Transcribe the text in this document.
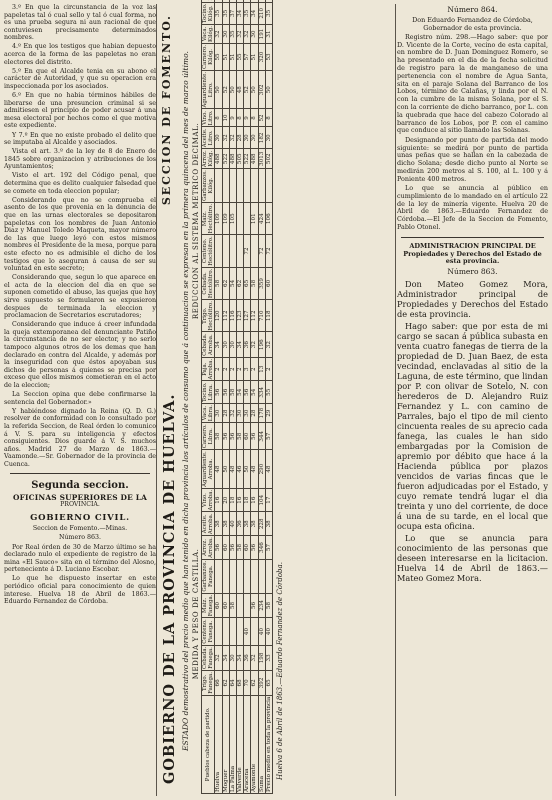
3.º En que la circunstancia de la voz las papeletas tal ó cual sello y tal ó cual forma, no es una prueba segura ni aun racional de que contuviesen precisamente determinados nombres.

4.º En que los testigos que habian depuesto acerca de la forma de las papeletas no eran electores del distrito.

5.º En que el Alcalde tenia en su abono el carácter de Autoridad, y que su operacion era inspeccionada por los asociados.

6.º En que no habia términos hábiles de liberarse de una presuncion criminal si se admitiesen el principio de poder acusar á una mesa electoral por hechos como el que motiva este expediente.

Y 7.º En que no existe probado el delito que se imputaba al Alcalde y asociados.

Vista el art. 3.º de la ley de 8 de Enero de 1845 sobre organizacion y atribuciones de los Ayuntamientos;

Visto el art. 192 del Código penal, que determina que es delito cualquier falsedad que se comete en toda eleccion popular;

Considerando que no se comprueba el asento de los que provenia en la denuncia de que en las urnas electorales se depositaron papeletas con los nombres de Juan Antonio Diaz y Manuel Toledo Maqueta, mayor número de las que luego leyó con estos mismos nombres el Presidente de la mesa, porque para este efecto no es admisible el dicho de los testigos que lo aseguran á causa de ser su voluntad en este secreto;

Considerando que, segun lo que aparece en el acta de la eleccion del dia en que se suponen cometido el abuso, las quejas que hoy sirve supuesto se formularon se expusieron despues de terminada la eleccion y proclamacion de Secretarios escrutadores;

Considerando que induce á creer infundada la queja extemporanea del denunciante Patiño la circunstancia de no ser elector, y no serlo tampoco algunos otros de los demas que han declarado en contra del Alcalde, y además por la inseguridad con que éstos apoyaban sus dichos de personas á quienes se precisa por exceso que ellos mismos cometieran en el acto de la eleccion;

La Seccion opina que debe confirmarse la sentencia del Gobernador.»

Y habiéndose dignado la Reina (Q. D. G.) resolver de conformidad con lo consultado por la referida Seccion, de Real órden lo comunico á V. S. para su inteligencia y efectos consiguientes. Dios guarde á V. S. muchos años. Madrid 27 de Marzo de 1863.—Vaamonde.—Sr. Gobernador de la provincia de Cuenca.

Segunda seccion.

OFICINAS SUPERIORES DE LA

PROVINCIA.

GOBIERNO CIVIL.

Seccion de Fomento.—Minas.

Número 863.

Por Real órden de 30 de Marzo último se ha declarado nulo el expediente de registro de la mina «El Sauco» sita en el término del Alosno, perteneciente á D. Luciano Escobar.

Lo que he dispuesto insertar en este periódico oficial para conocimiento de quien interese. Huelva 18 de Abril de 1863.—Eduardo Fernandez de Córdoba.	GOBIERNO DE LA PROVINCIA DE HUELVA.
SECCION DE FOMENTO. ESTADO demostrativo del precio medio que han tenido en dicha provincia los artículos de consumo que á continuacion se expresan en la primera quincena del mes de marzo último. MEDIDA Y PESO DE CASTILLA.
REDUCCION AL SISTEMA METRICO DECIMAL.
Pueblos cabeza de partido.	Trigo. Fanega.	Cebada. Fanega.	Centeno. Fanega.	Maiz. Fanega.	Garbanzos. Fanega.	Arroz. Arroba.	Aceite. Arroba.	Vino. Arroba.	Aguardiente. Arroba.	Carnero. Libra.	Vaca. Libra.	Tocino. Libra.	Paja. Arroba.	Cebada. Arroba.	Trigo. Hectólitro.	Cebada. Hectólitro.	Centeno. Hectólitro.	Maiz. Hectólitro.	Garbanzos. Kilóg.	Arroz. Kilóg.	Aceite. Litro.	Vino. Litro.	Aguardiente. Litro.	Carnero. Kilóg.	Vaca. Kilóg.	Tocino. Kilóg.		
Huelva	66	32		60		56	38	16	48	58	30	56	2	34	120	58		109		488	30	8	50	55	32	35		
Moguer	62	34		60		60	38	20	50	56	28	56	2	30	112	62		109		522	32	10	52	51	30	35		
La Palma	64	30		58		56	40	18	48	56	32	58	2	30	116	54		105		488	32	9	50	51	35	37		
Valverde	68	34				58	36	16	46	58	30	54	2	34	123	62				505	28	8	48	55	32	34		
Aracena	70	36	40			60	38	18	50	60	30	56	3	36	127	65	72			522	30	9	52	57	32	35		
Ayamonte	62	32		56		56	38	16	48	56	28	54	2	32	112	58		101		488	30	8	50	51	30	34		
Suma	392	198	40	234		346	228	104	290	344	178	334	13	196	710	359	72	424		3013	182	52	302	320	191	210		
Precio medio en toda la provincia	65	33	40	58		57	38	17	48	57	29	55	2	32	118	60	72	106		502	30	8	50	53	31	35		
Huelva 6 de Abril de 1863.—Eduardo Fernandez de Córdoba.

Número 864.

Don Eduardo Fernandez de Córdoba, Gobernador de esta provincia.

Registro núm. 298.—Hago saber: que por D. Vicente de la Corte, vecino de esta capital, en nombre de D. Juan Dominguez Romero, se ha presentado en el dia de la fecha solicitud de registro para la de manganeso de una pertenencia con el nombre de Agua Santa, sita en el paraje Solana del Barranco de los Lobos, término de Calañas, y linda por el N. con la cumbre de la misma Solana, por el S. con la corriente de dicho barranco, por L. con la quebrada que hace del cabezo Colorado al barranco de los Lobos, por P. con el camino que conduce al sitio llamado las Solanas.

Designando por punto de partida del modo siguiente: se medirá por punto de partida unas peñas que se hallan en la cabezada de dicho Solana; desde dicho punto al Norte se medirán 200 metros al S. 100, al L. 100 y á Poniente 400 metros.

Lo que se anuncia al público en cumplimiento de lo mandado en el artículo 22 de la ley de minería vigente. Huelva 20 de Abril de 1863.—Eduardo Fernandez de Córdoba.—El Jefe de la Seccion de Fomento, Pablo Otonel.

ADMINISTRACION PRINCIPAL DE Propiedades y Derechos del Estado de esta provincia.

Número 863.

Don Mateo Gomez Mora, Administrador principal de Propiedades y Derechos del Estado de esta provincia.

Hago saber: que por esta de mi cargo se sacan á pública subasta en venta cuatro fanegas de tierra de la propiedad de D. Juan Baez, de esta vecindad, enclavadas al sitio de la Laguna, de este término, que lindan por P. con olivar de Sotelo, N. con herederos de D. Alejandro Ruiz Fernandez y L. con camino de Parrales, bajo el tipo de mil ciento cincuenta reales de su aprecio cada fanega, las cuales le han sido embargadas por la Comision de apremio por débito que hace á la Hacienda pública por plazos vencidos de varias fincas que le fueron adjudicadas por el Estado, y cuyo remate tendrá lugar el dia treinta y uno del corriente, de doce á una de su tarde, en el local que ocupa esta oficina.

Lo que se anuncia para conocimiento de las personas que deseen interesarse en la licitacion. Huelva 14 de Abril de 1863.—Mateo Gomez Mora.
